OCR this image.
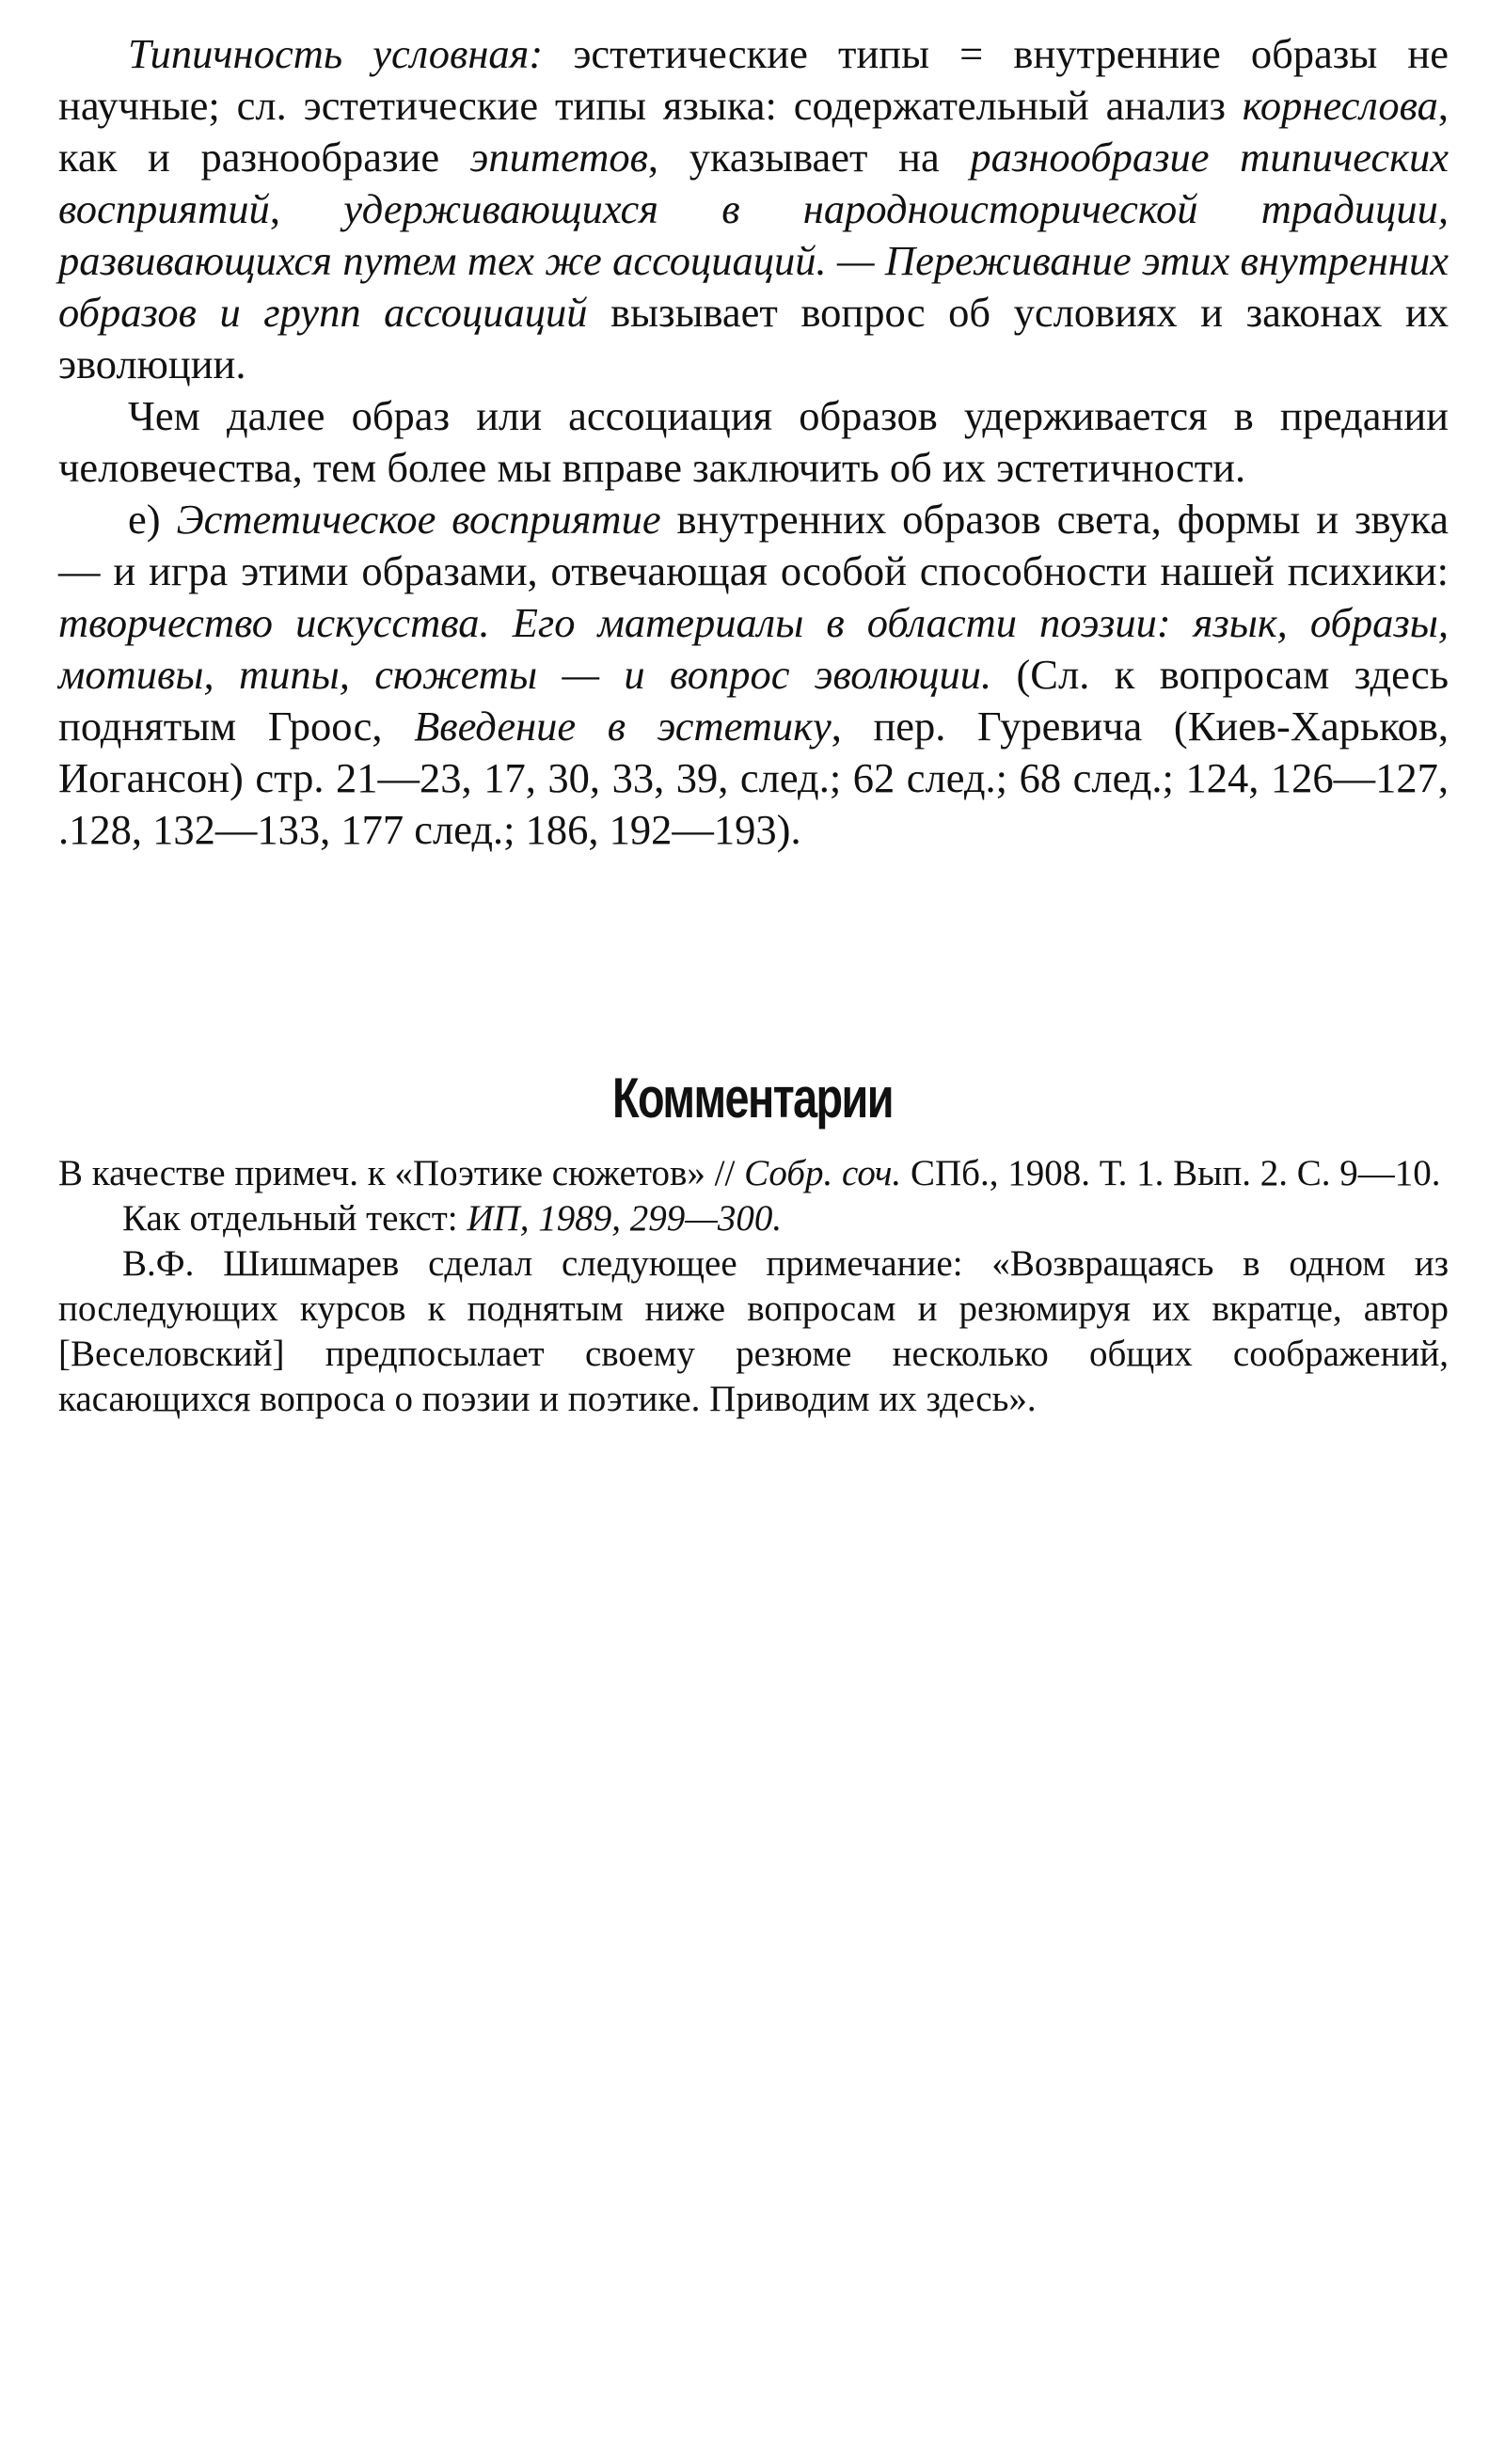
Типичность условная: эстетические типы = внутренние образы не научные; сл. эстетические типы языка: содержательный анализ корнеслова, как и разнообразие эпитетов, указывает на разнообразие типических восприятий, удерживающихся в народноисторической традиции, развивающихся путем тех же ассоциаций. — Переживание этих внутренних образов и групп ассоциаций вызывает вопрос об условиях и законах их эволюции.

Чем далее образ или ассоциация образов удерживается в предании человечества, тем более мы вправе заключить об их эстетичности.

е) Эстетическое восприятие внутренних образов света, формы и звука — и игра этими образами, отвечающая особой способности нашей психики: творчество искусства. Его материалы в области поэзии: язык, образы, мотивы, типы, сюжеты — и вопрос эволюции. (Сл. к вопросам здесь поднятым Гроос, Введение в эстетику, пер. Гуревича (Киев-Харьков, Иогансон) стр. 21—23, 17, 30, 33, 39, след.; 62 след.; 68 след.; 124, 126—127, .128, 132—133, 177 след.; 186, 192—193).

Комментарии

В качестве примеч. к «Поэтике сюжетов» // Собр. соч. СПб., 1908. Т. 1. Вып. 2. С. 9—10.

Как отдельный текст: ИП, 1989, 299—300.

В.Ф. Шишмарев сделал следующее примечание: «Возвращаясь в одном из последующих курсов к поднятым ниже вопросам и резюмируя их вкратце, автор [Веселовский] предпосылает своему резюме несколько общих соображений, касающихся вопроса о поэзии и поэтике. Приводим их здесь».
